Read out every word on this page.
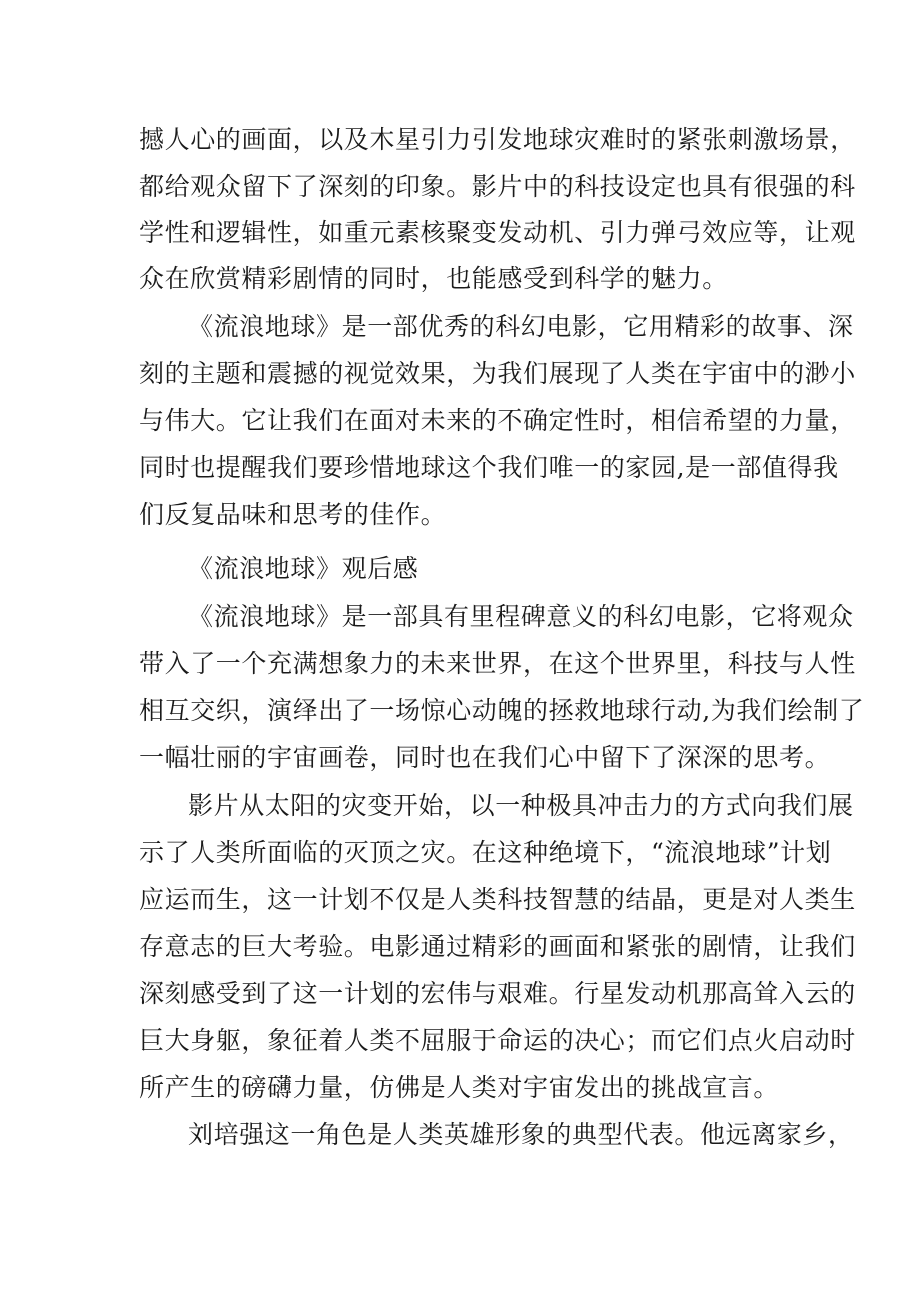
撼人心的画面，以及木星引力引发地球灾难时的紧张刺激场景，
都给观众留下了深刻的印象。影片中的科技设定也具有很强的科
学性和逻辑性，如重元素核聚变发动机、引力弹弓效应等，让观
众在欣赏精彩剧情的同时，也能感受到科学的魅力。
《流浪地球》是一部优秀的科幻电影，它用精彩的故事、深
刻的主题和震撼的视觉效果，为我们展现了人类在宇宙中的渺小
与伟大。它让我们在面对未来的不确定性时，相信希望的力量，
同时也提醒我们要珍惜地球这个我们唯一的家园,是一部值得我
们反复品味和思考的佳作。
《流浪地球》观后感
《流浪地球》是一部具有里程碑意义的科幻电影，它将观众
带入了一个充满想象力的未来世界，在这个世界里，科技与人性
相互交织，演绎出了一场惊心动魄的拯救地球行动,为我们绘制了
一幅壮丽的宇宙画卷，同时也在我们心中留下了深深的思考。
影片从太阳的灾变开始，以一种极具冲击力的方式向我们展
示了人类所面临的灭顶之灾。在这种绝境下，“流浪地球”计划
应运而生，这一计划不仅是人类科技智慧的结晶，更是对人类生
存意志的巨大考验。电影通过精彩的画面和紧张的剧情，让我们
深刻感受到了这一计划的宏伟与艰难。行星发动机那高耸入云的
巨大身躯，象征着人类不屈服于命运的决心；而它们点火启动时
所产生的磅礴力量，仿佛是人类对宇宙发出的挑战宣言。
刘培强这一角色是人类英雄形象的典型代表。他远离家乡，
